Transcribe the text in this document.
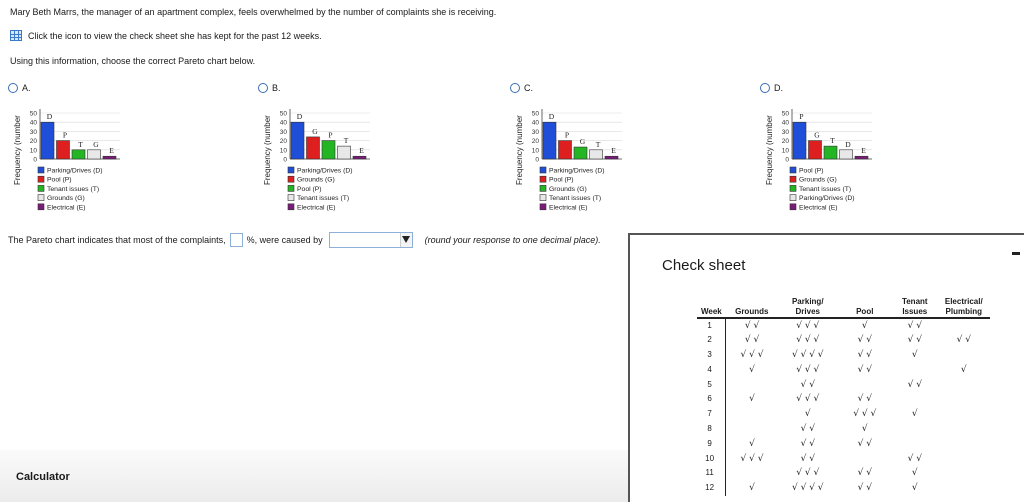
Mary Beth Marrs, the manager of an apartment complex, feels overwhelmed by the number of complaints she is receiving.
Click the icon to view the check sheet she has kept for the past 12 weeks.
Using this information, choose the correct Pareto chart below.
A.
Frequency (number
50
40
30
20
10
0
D
P
T G
E
Parking/Drives (D)
Pool (P)
Tenant issues (T)
Grounds (G)
Electrical (E)
B.
Frequency (number
50
40
30
20
10
0
D
G P
T
E
Parking/Drives (D)
Grounds (G)
Pool (P)
Tenant issues (T)
Electrical (E)
C.
Frequency (number
50
40
30
20
10
0
D
P
G T
E
Parking/Drives (D)
Pool (P)
Grounds (G)
Tenant issues (T)
Electrical (E)
D.
Frequency (number
50
40
30
20
10
0
P
G
T D
E
Pool (P)
Grounds (G)
Tenant issues (T)
Parking/Drives (D)
Electrical (E)
The Pareto chart indicates that most of the complaints, %, were caused by	(round your response to one decimal place).
Calculator
Check sheet
		Parking/		Tenant	Electrical/
Week	Grounds	Drives	Pool	Issues	Plumbing
1	√ √	√ √ √	√	√ √	
2	√ √	√ √ √	√ √	√ √	√ √
3	√ √ √	√ √ √ √	√ √	√	
4	√	√ √ √	√ √		√
5		√ √		√ √	
6	√	√ √ √	√ √		
7		√	√ √ √	√	
8		√ √	√		
9	√	√ √	√ √		
10	√ √ √	√ √		√ √	
11		√ √ √	√ √	√	
12	√	√ √ √ √	√ √	√	
